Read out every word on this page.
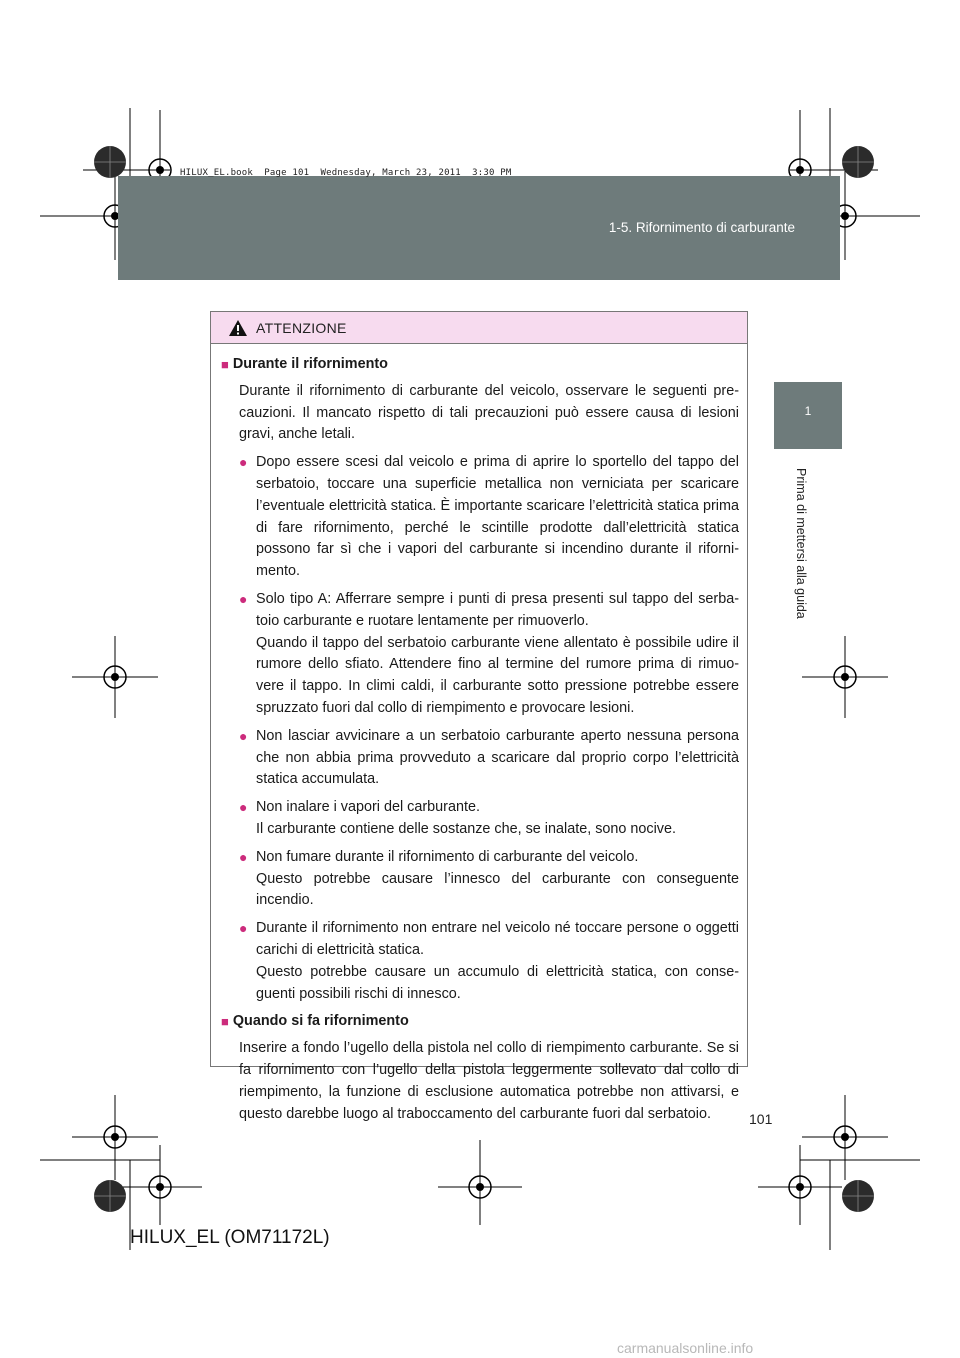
HILUX_EL.book  Page 101  Wednesday, March 23, 2011  3:30 PM
1-5. Rifornimento di carburante
1
Prima di mettersi alla guida
ATTENZIONE
■ Durante il rifornimento
Durante il rifornimento di carburante del veicolo, osservare le seguenti pre-cauzioni. Il mancato rispetto di tali precauzioni può essere causa di lesioni gravi, anche letali.
● Dopo essere scesi dal veicolo e prima di aprire lo sportello del tappo del serbatoio, toccare una superficie metallica non verniciata per scaricare l’eventuale elettricità statica. È importante scaricare l’elettricità statica prima di fare rifornimento, perché le scintille prodotte dall’elettricità statica possono far sì che i vapori del carburante si incendino durante il riforni-mento.
● Solo tipo A: Afferrare sempre i punti di presa presenti sul tappo del serba-toio carburante e ruotare lentamente per rimuoverlo.
Quando il tappo del serbatoio carburante viene allentato è possibile udire il rumore dello sfiato. Attendere fino al termine del rumore prima di rimuo-vere il tappo. In climi caldi, il carburante sotto pressione potrebbe essere spruzzato fuori dal collo di riempimento e provocare lesioni.
● Non lasciar avvicinare a un serbatoio carburante aperto nessuna persona che non abbia prima provveduto a scaricare dal proprio corpo l’elettricità statica accumulata.
● Non inalare i vapori del carburante.
Il carburante contiene delle sostanze che, se inalate, sono nocive.
● Non fumare durante il rifornimento di carburante del veicolo.
Questo potrebbe causare l’innesco del carburante con conseguente incendio.
● Durante il rifornimento non entrare nel veicolo né toccare persone o oggetti carichi di elettricità statica.
Questo potrebbe causare un accumulo di elettricità statica, con conse-guenti possibili rischi di innesco.
■ Quando si fa rifornimento
Inserire a fondo l’ugello della pistola nel collo di riempimento carburante. Se si fa rifornimento con l’ugello della pistola leggermente sollevato dal collo di riempimento, la funzione di esclusione automatica potrebbe non attivarsi, e questo darebbe luogo al traboccamento del carburante fuori dal serbatoio.	101
HILUX_EL (OM71172L)
carmanualsonline.info
